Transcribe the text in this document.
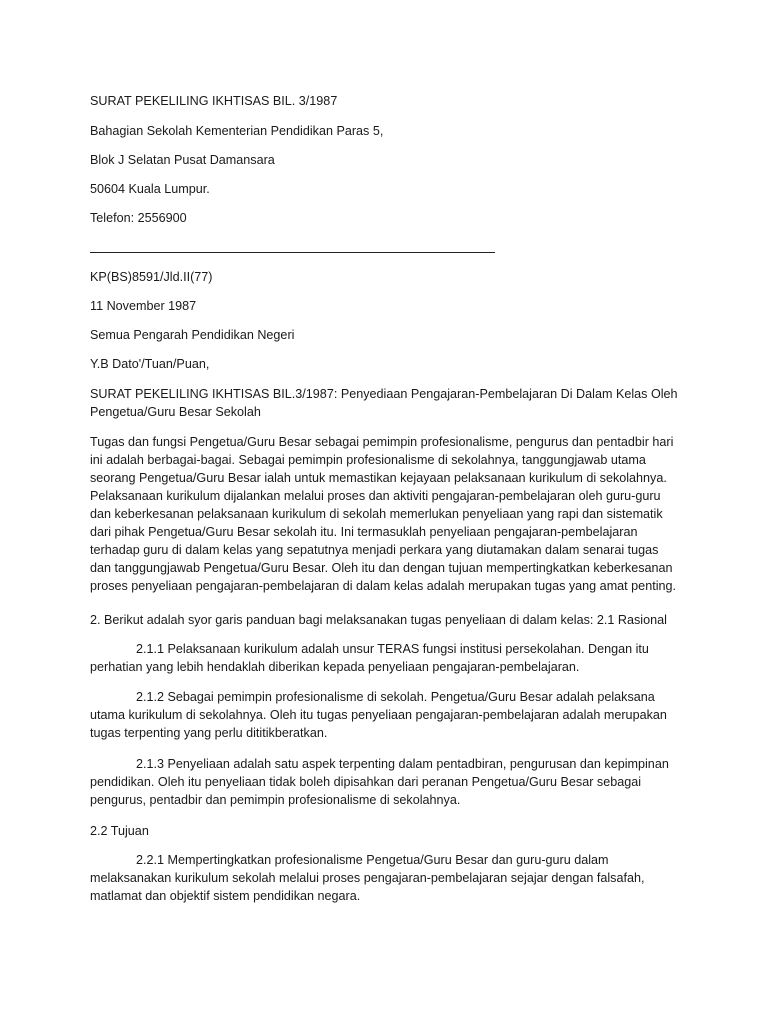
SURAT PEKELILING IKHTISAS BIL. 3/1987

Bahagian Sekolah Kementerian Pendidikan Paras 5,

Blok J Selatan Pusat Damansara

50604 Kuala Lumpur.

Telefon: 2556900

KP(BS)8591/Jld.II(77)

11 November 1987

Semua Pengarah Pendidikan Negeri

Y.B Dato'/Tuan/Puan,

SURAT PEKELILING IKHTISAS BIL.3/1987: Penyediaan Pengajaran-Pembelajaran Di Dalam Kelas Oleh
Pengetua/Guru Besar Sekolah
Tugas dan fungsi Pengetua/Guru Besar sebagai pemimpin profesionalisme, pengurus dan pentadbir hari
ini adalah berbagai-bagai. Sebagai pemimpin profesionalisme di sekolahnya, tanggungjawab utama
seorang Pengetua/Guru Besar ialah untuk memastikan kejayaan pelaksanaan kurikulum di sekolahnya.
Pelaksanaan kurikulum dijalankan melalui proses dan aktiviti pengajaran-pembelajaran oleh guru-guru
dan keberkesanan pelaksanaan kurikulum di sekolah memerlukan penyeliaan yang rapi dan sistematik
dari pihak Pengetua/Guru Besar sekolah itu. Ini termasuklah penyeliaan pengajaran-pembelajaran
terhadap guru di dalam kelas yang sepatutnya menjadi perkara yang diutamakan dalam senarai tugas
dan tanggungjawab Pengetua/Guru Besar. Oleh itu dan dengan tujuan mempertingkatkan keberkesanan
proses penyeliaan pengajaran-pembelajaran di dalam kelas adalah merupakan tugas yang amat penting.

2. Berikut adalah syor garis panduan bagi melaksanakan tugas penyeliaan di dalam kelas: 2.1 Rasional

2.1.1 Pelaksanaan kurikulum adalah unsur TERAS fungsi institusi persekolahan. Dengan itu
perhatian yang lebih hendaklah diberikan kepada penyeliaan pengajaran-pembelajaran.
2.1.2 Sebagai pemimpin profesionalisme di sekolah. Pengetua/Guru Besar adalah pelaksana
utama kurikulum di sekolahnya. Oleh itu tugas penyeliaan pengajaran-pembelajaran adalah merupakan
tugas terpenting yang perlu dititikberatkan.
2.1.3 Penyeliaan adalah satu aspek terpenting dalam pentadbiran, pengurusan dan kepimpinan
pendidikan. Oleh itu penyeliaan tidak boleh dipisahkan dari peranan Pengetua/Guru Besar sebagai
pengurus, pentadbir dan pemimpin profesionalisme di sekolahnya.

2.2 Tujuan

2.2.1 Mempertingkatkan profesionalisme Pengetua/Guru Besar dan guru-guru dalam
melaksanakan kurikulum sekolah melalui proses pengajaran-pembelajaran sejajar dengan falsafah,
matlamat dan objektif sistem pendidikan negara.
